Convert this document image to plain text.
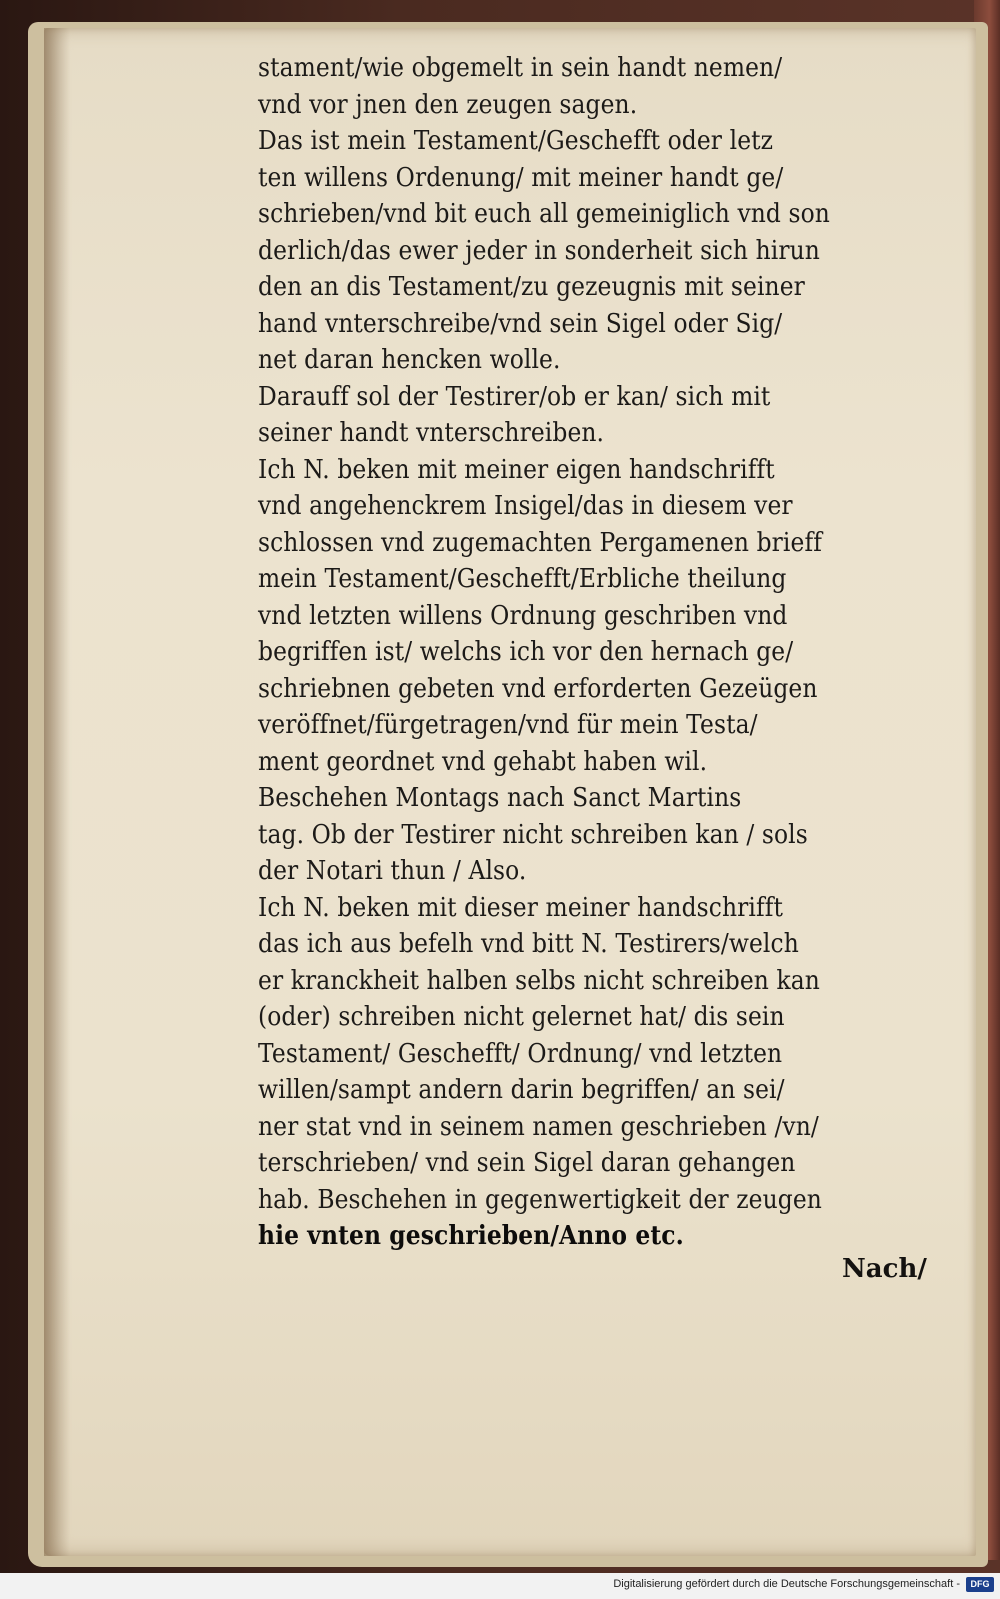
stament/wie obgemelt in sein handt nemen/
vnd vor jnen den zeugen sagen.
Das ist mein Testament/Geschefft oder letz
ten willens Ordenung/ mit meiner handt ge/
schrieben/vnd bit euch all gemeiniglich vnd son
derlich/das ewer jeder in sonderheit sich hirun
den an dis Testament/zu gezeugnis mit seiner
hand vnterschreibe/vnd sein Sigel oder Sig/
net daran hencken wolle.
Darauff sol der Testirer/ob er kan/ sich mit
seiner handt vnterschreiben.
Ich N. beken mit meiner eigen handschrifft
vnd angehenckrem Insigel/das in diesem ver
schlossen vnd zugemachten Pergamenen brieff
mein Testament/Geschefft/Erbliche theilung
vnd letzten willens Ordnung geschriben vnd
begriffen ist/ welchs ich vor den hernach ge/
schriebnen gebeten vnd erforderten Gezeügen
veröffnet/fürgetragen/vnd für mein Testa/
ment geordnet vnd gehabt haben wil.
Beschehen Montags nach Sanct Martins
tag. Ob der Testirer nicht schreiben kan / sols
der Notari thun / Also.
Ich N. beken mit dieser meiner handschrifft
das ich aus befelh vnd bitt N. Testirers/welch
er kranckheit halben selbs nicht schreiben kan
(oder) schreiben nicht gelernet hat/ dis sein
Testament/ Geschefft/ Ordnung/ vnd letzten
willen/sampt andern darin begriffen/ an sei/
ner stat vnd in seinem namen geschrieben /vn/
terschrieben/ vnd sein Sigel daran gehangen
hab. Beschehen in gegenwertigkeit der zeugen
hie vnten geschrieben/Anno etc.
Nach/
Digitalisierung gefördert durch die Deutsche Forschungsgemeinschaft -	DFG
